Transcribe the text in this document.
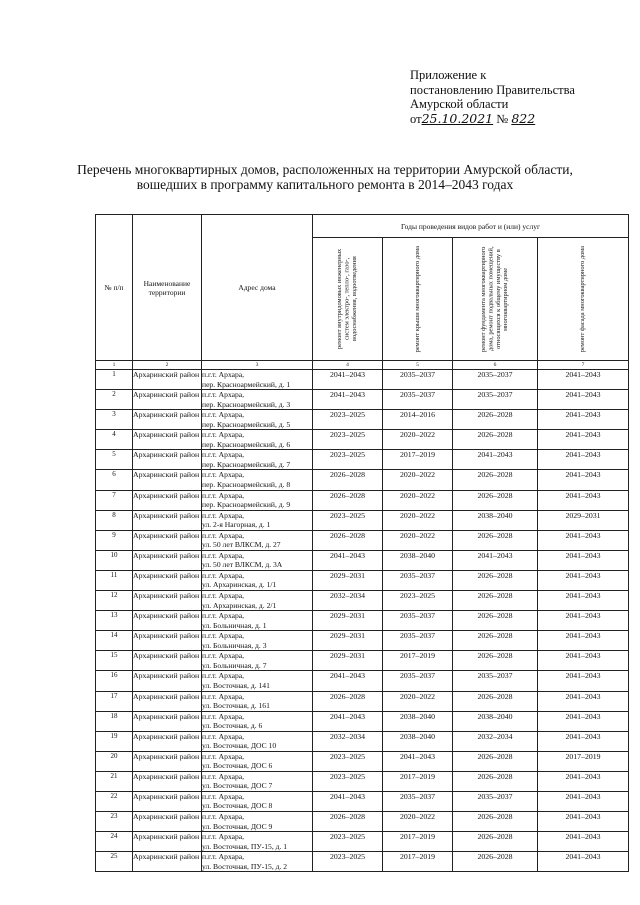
Приложение к
постановлению Правительства
Амурской области
от25.10.2021 № 822
Перечень многоквартирных домов, расположенных на территории Амурской области, вошедших в программу капитального ремонта в 2014–2043 годах
№ п/п	Наименование территории	Адрес дома	Годы проведения видов работ и (или) услуг			

			ремонт внутридомовых инженерных систем электро-, тепло-, газо-, водоснабжения, водоотведения	ремонт крыши многоквартирного дома	ремонт фундамента многоквартирного дома, ремонт подвальных помещений, относящихся к общему имуществу в многоквартирном доме	ремонт фасада многоквартирного дома

1	2	3	4	5	6	7
1	Архаринский район	п.г.т. Архара,
пер. Красноармейский, д. 1	2041–2043	2035–2037	2035–2037	2041–2043
2	Архаринский район	п.г.т. Архара,
пер. Красноармейский, д. 3	2041–2043	2035–2037	2035–2037	2041–2043
3	Архаринский район	п.г.т. Архара,
пер. Красноармейский, д. 5	2023–2025	2014–2016	2026–2028	2041–2043
4	Архаринский район	п.г.т. Архара,
пер. Красноармейский, д. 6	2023–2025	2020–2022	2026–2028	2041–2043
5	Архаринский район	п.г.т. Архара,
пер. Красноармейский, д. 7	2023–2025	2017–2019	2041–2043	2041–2043
6	Архаринский район	п.г.т. Архара,
пер. Красноармейский, д. 8	2026–2028	2020–2022	2026–2028	2041–2043
7	Архаринский район	п.г.т. Архара,
пер. Красноармейский, д. 9	2026–2028	2020–2022	2026–2028	2041–2043
8	Архаринский район	п.г.т. Архара,
ул. 2-я Нагорная, д. 1	2023–2025	2020–2022	2038–2040	2029–2031
9	Архаринский район	п.г.т. Архара,
ул. 50 лет ВЛКСМ, д. 27	2026–2028	2020–2022	2026–2028	2041–2043
10	Архаринский район	п.г.т. Архара,
ул. 50 лет ВЛКСМ, д. 3А	2041–2043	2038–2040	2041–2043	2041–2043
11	Архаринский район	п.г.т. Архара,
ул. Архаринская, д. 1/1	2029–2031	2035–2037	2026–2028	2041–2043
12	Архаринский район	п.г.т. Архара,
ул. Архаринская, д. 2/1	2032–2034	2023–2025	2026–2028	2041–2043
13	Архаринский район	п.г.т. Архара,
ул. Больничная, д. 1	2029–2031	2035–2037	2026–2028	2041–2043
14	Архаринский район	п.г.т. Архара,
ул. Больничная, д. 3	2029–2031	2035–2037	2026–2028	2041–2043
15	Архаринский район	п.г.т. Архара,
ул. Больничная, д. 7	2029–2031	2017–2019	2026–2028	2041–2043
16	Архаринский район	п.г.т. Архара,
ул. Восточная, д. 141	2041–2043	2035–2037	2035–2037	2041–2043
17	Архаринский район	п.г.т. Архара,
ул. Восточная, д. 161	2026–2028	2020–2022	2026–2028	2041–2043
18	Архаринский район	п.г.т. Архара,
ул. Восточная, д. 6	2041–2043	2038–2040	2038–2040	2041–2043
19	Архаринский район	п.г.т. Архара,
ул. Восточная, ДОС 10	2032–2034	2038–2040	2032–2034	2041–2043
20	Архаринский район	п.г.т. Архара,
ул. Восточная, ДОС 6	2023–2025	2041–2043	2026–2028	2017–2019
21	Архаринский район	п.г.т. Архара,
ул. Восточная, ДОС 7	2023–2025	2017–2019	2026–2028	2041–2043
22	Архаринский район	п.г.т. Архара,
ул. Восточная, ДОС 8	2041–2043	2035–2037	2035–2037	2041–2043
23	Архаринский район	п.г.т. Архара,
ул. Восточная, ДОС 9	2026–2028	2020–2022	2026–2028	2041–2043
24	Архаринский район	п.г.т. Архара,
ул. Восточная, ПУ-15, д. 1	2023–2025	2017–2019	2026–2028	2041–2043
25	Архаринский район	п.г.т. Архара,
ул. Восточная, ПУ-15, д. 2	2023–2025	2017–2019	2026–2028	2041–2043
